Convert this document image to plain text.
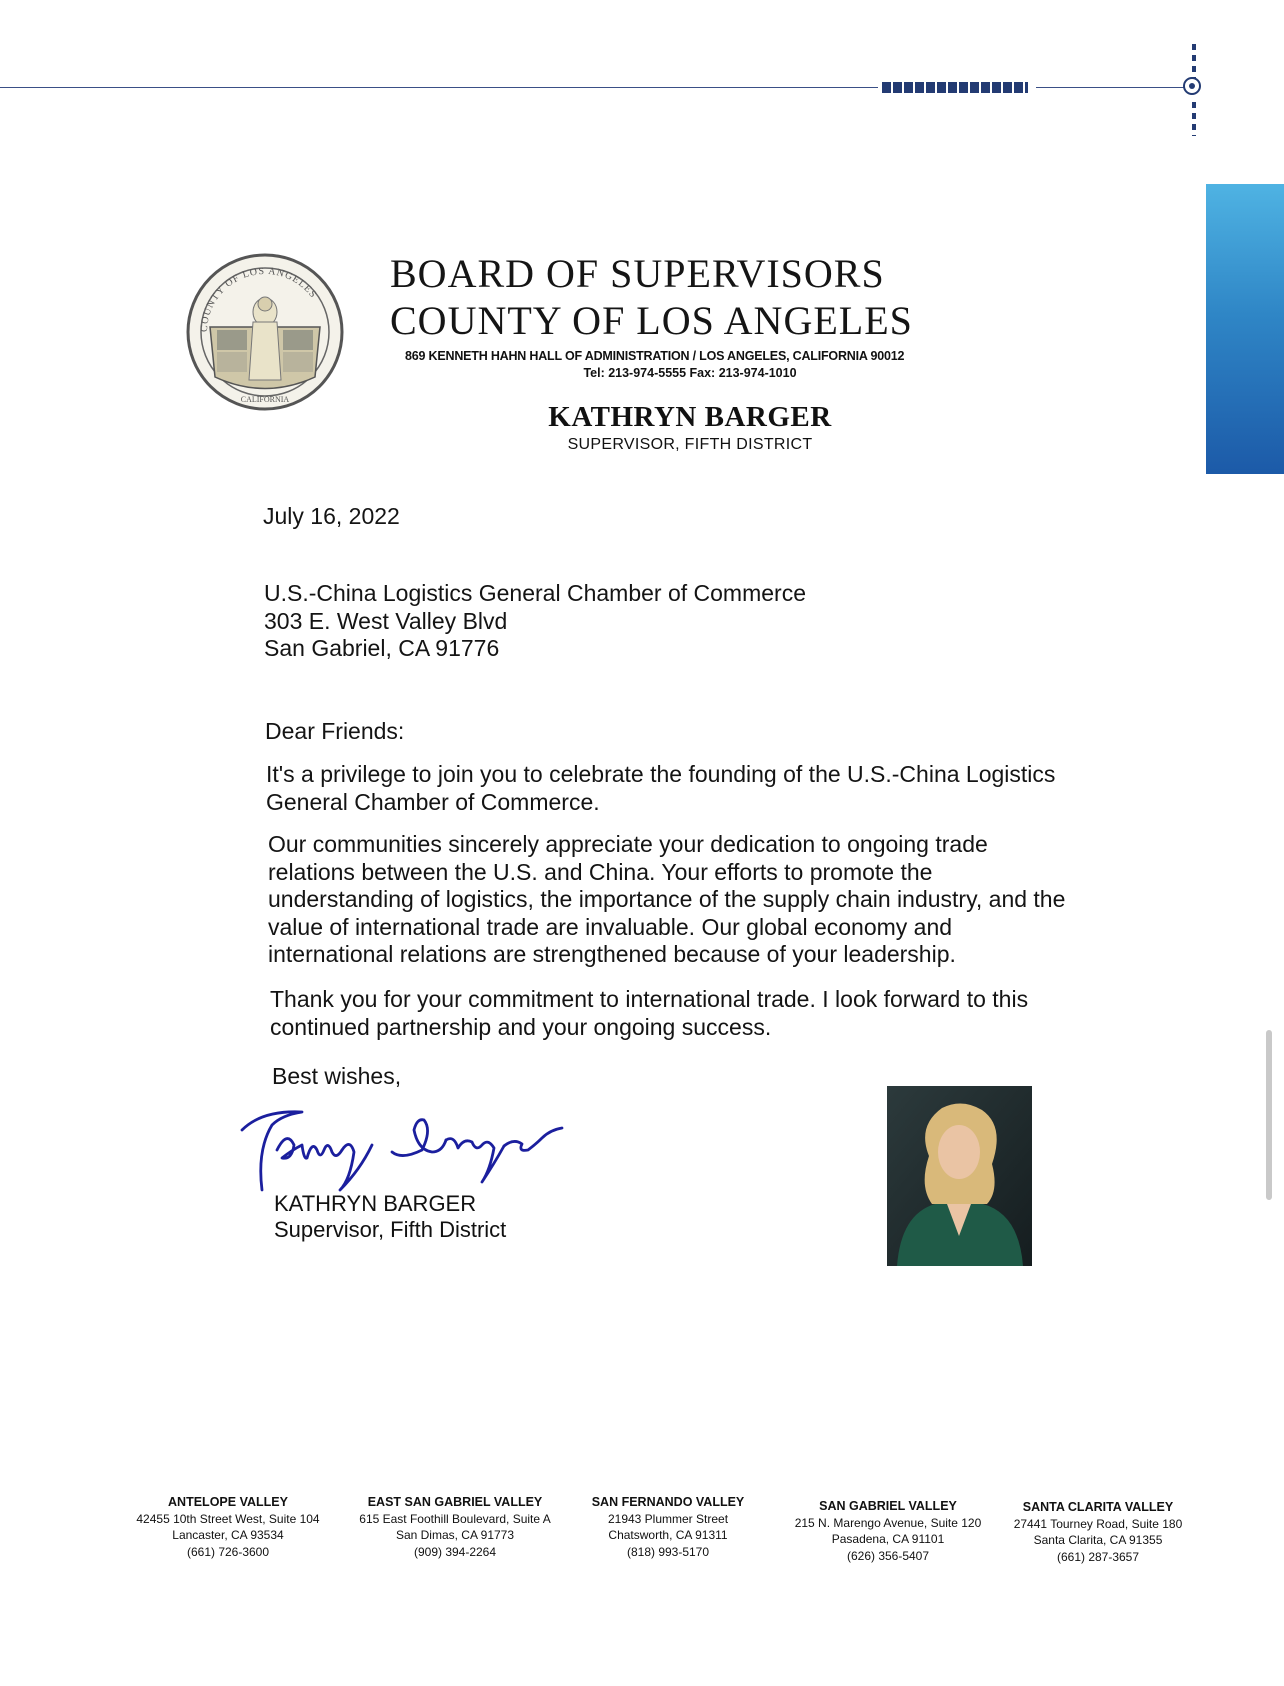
COUNTY OF LOS ANGELES
CALIFORNIA
BOARD OF SUPERVISORS
COUNTY OF LOS ANGELES
869 KENNETH HAHN HALL OF ADMINISTRATION / LOS ANGELES, CALIFORNIA 90012
Tel: 213-974-5555 Fax: 213-974-1010
KATHRYN BARGER
SUPERVISOR, FIFTH DISTRICT
July 16, 2022
U.S.-China Logistics General Chamber of Commerce
303 E. West Valley Blvd
San Gabriel, CA 91776
Dear Friends:
It's a privilege to join you to celebrate the founding of the U.S.-China Logistics General Chamber of Commerce.
Our communities sincerely appreciate your dedication to ongoing trade relations between the U.S. and China. Your efforts to promote the understanding of logistics, the importance of the supply chain industry, and the value of international trade are invaluable. Our global economy and international relations are strengthened because of your leadership.
Thank you for your commitment to international trade. I look forward to this continued partnership and your ongoing success.
Best wishes,
KATHRYN BARGER
Supervisor, Fifth District
ANTELOPE VALLEY
42455 10th Street West, Suite 104
Lancaster, CA 93534
(661) 726-3600
EAST SAN GABRIEL VALLEY
615 East Foothill Boulevard, Suite A
San Dimas, CA 91773
(909) 394-2264
SAN FERNANDO VALLEY
21943 Plummer Street
Chatsworth, CA 91311
(818) 993-5170
SAN GABRIEL VALLEY
215 N. Marengo Avenue, Suite 120
Pasadena, CA 91101
(626) 356-5407
SANTA CLARITA VALLEY
27441 Tourney Road, Suite 180
Santa Clarita, CA 91355
(661) 287-3657
